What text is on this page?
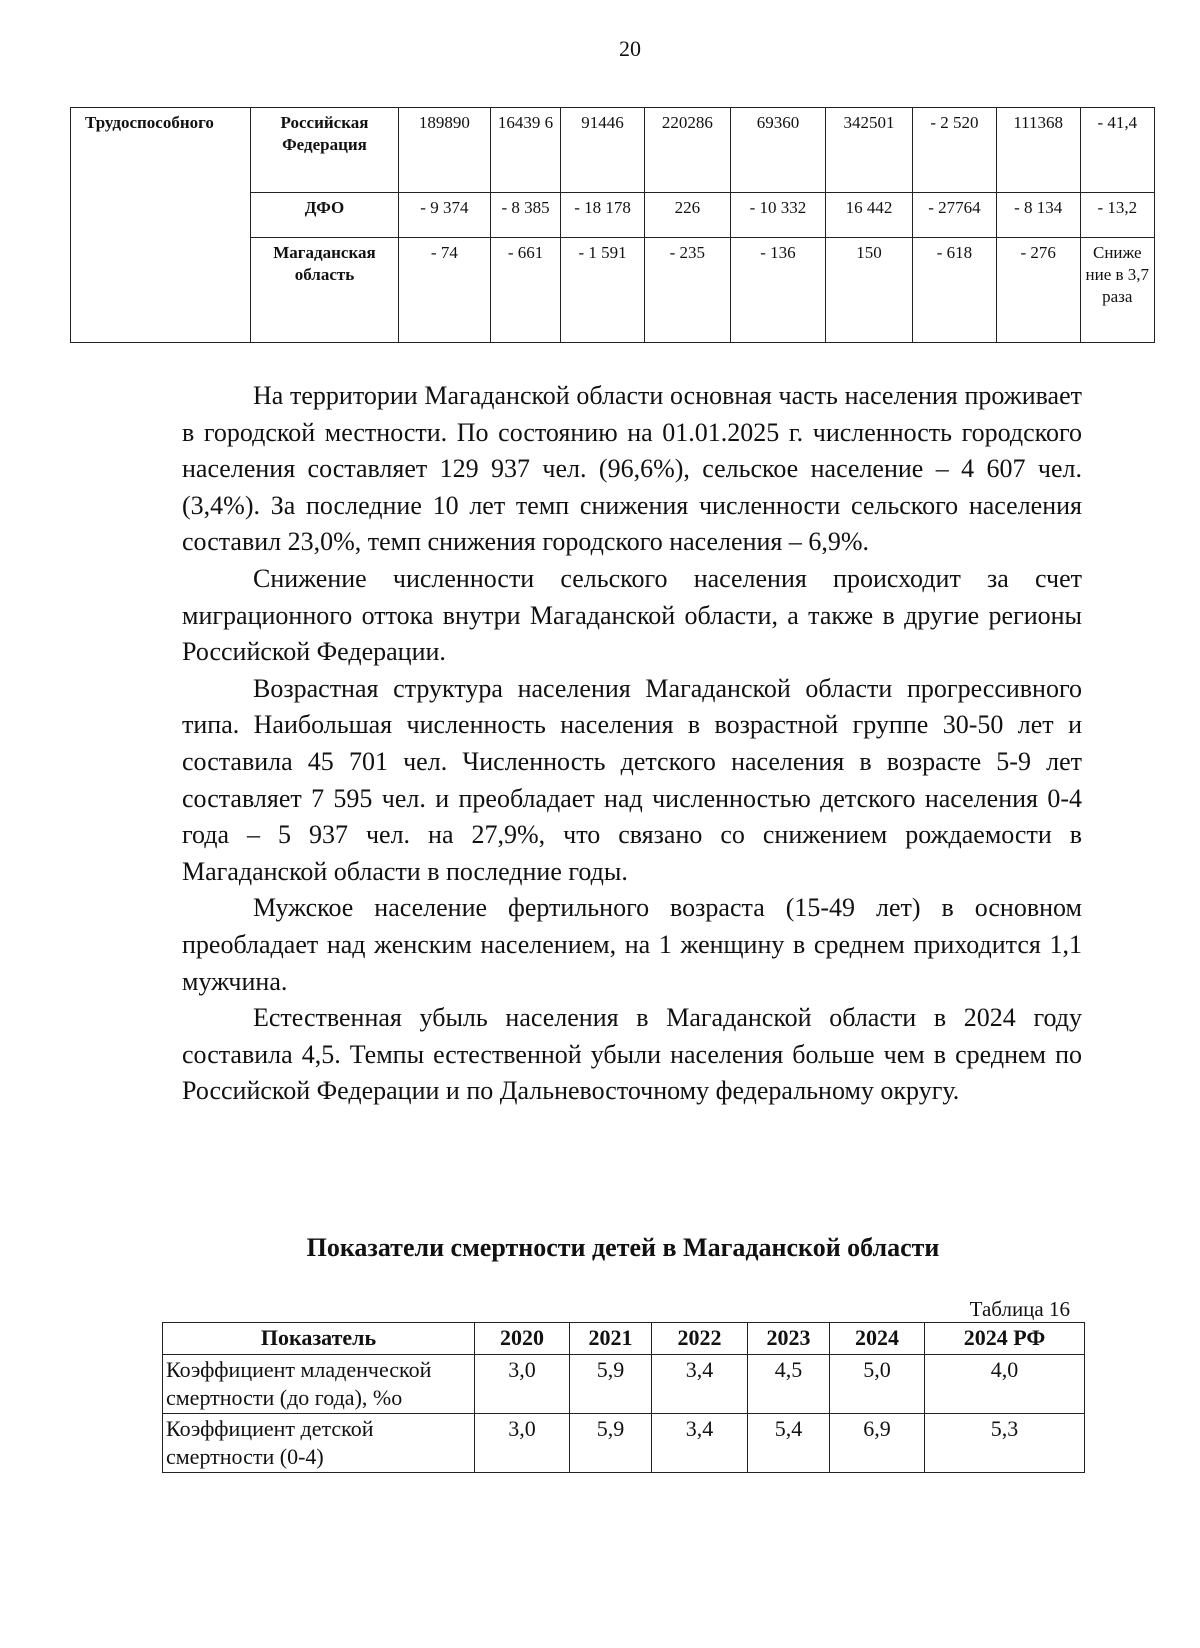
20
Трудоспособного	Российская Федерация	189890	16439 6	91446	220286	69360	342501	- 2 520	111368	- 41,4
	ДФО	- 9 374	- 8 385	- 18 178	226	- 10 332	16 442	- 27764	- 8 134	- 13,2
	Магаданская область	- 74	- 661	- 1 591	- 235	- 136	150	- 618	- 276	Сниже ние в 3,7 раза

На территории Магаданской области основная часть населения проживает в городской местности. По состоянию на 01.01.2025 г. численность городского населения составляет 129 937 чел. (96,6%), сельское население – 4 607 чел. (3,4%). За последние 10 лет темп снижения численности сельского населения составил 23,0%, темп снижения городского населения – 6,9%.

Снижение численности сельского населения происходит за счет миграционного оттока внутри Магаданской области, а также в другие регионы Российской Федерации.

Возрастная структура населения Магаданской области прогрессивного типа. Наибольшая численность населения в возрастной группе 30-50 лет и составила 45 701 чел. Численность детского населения в возрасте 5-9 лет составляет 7 595 чел. и преобладает над численностью детского населения 0-4 года – 5 937 чел. на 27,9%, что связано со снижением рождаемости в Магаданской области в последние годы.

Мужское население фертильного возраста (15-49 лет) в основном преобладает над женским населением, на 1 женщину в среднем приходится 1,1 мужчина.

Естественная убыль населения в Магаданской области в 2024 году составила 4,5. Темпы естественной убыли населения больше чем в среднем по Российской Федерации и по Дальневосточному федеральному округу.

Показатели смертности детей в Магаданской области
Таблица 16
Показатель	2020	2021	2022	2023	2024	2024 РФ
Коэффициент младенческой смертности (до года), %о	3,0	5,9	3,4	4,5	5,0	4,0
Коэффициент детской смертности (0-4)	3,0	5,9	3,4	5,4	6,9	5,3
